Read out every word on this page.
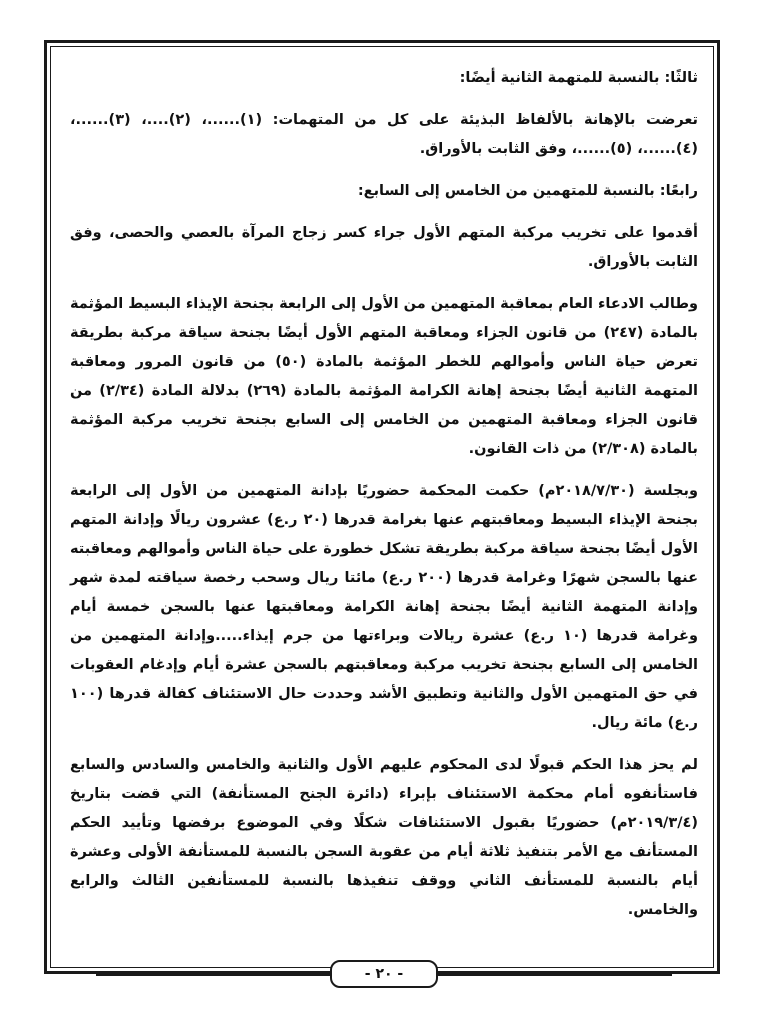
ثالثًا: بالنسبة للمتهمة الثانية أيضًا:

تعرضت بالإهانة بالألفاظ البذيئة على كل من المتهمات: (١)......، (٢)....، (٣)......، (٤)......، (٥)......، وفق الثابت بالأوراق.

رابعًا: بالنسبة للمتهمين من الخامس إلى السابع:

أقدموا على تخريب مركبة المتهم الأول جراء كسر زجاج المرآة بالعصي والحصى، وفق الثابت بالأوراق.

وطالب الادعاء العام بمعاقبة المتهمين من الأول إلى الرابعة بجنحة الإيذاء البسيط المؤثمة بالمادة (٢٤٧) من قانون الجزاء ومعاقبة المتهم الأول أيضًا بجنحة سياقة مركبة بطريقة تعرض حياة الناس وأموالهم للخطر المؤثمة بالمادة (٥٠) من قانون المرور ومعاقبة المتهمة الثانية أيضًا بجنحة إهانة الكرامة المؤثمة بالمادة (٢٦٩) بدلالة المادة (٢/٣٤) من قانون الجزاء ومعاقبة المتهمين من الخامس إلى السابع بجنحة تخريب مركبة المؤثمة بالمادة (٢/٣٠٨) من ذات القانون.

وبجلسة (٢٠١٨/٧/٣٠م) حكمت المحكمة حضوريًا بإدانة المتهمين من الأول إلى الرابعة بجنحة الإيذاء البسيط ومعاقبتهم عنها بغرامة قدرها (٢٠ ر.ع) عشرون ريالًا وإدانة المتهم الأول أيضًا بجنحة سياقة مركبة بطريقة تشكل خطورة على حياة الناس وأموالهم ومعاقبته عنها بالسجن شهرًا وغرامة قدرها (٢٠٠ ر.ع) مائتا ريال وسحب رخصة سياقته لمدة شهر وإدانة المتهمة الثانية أيضًا بجنحة إهانة الكرامة ومعاقبتها عنها بالسجن خمسة أيام وغرامة قدرها (١٠ ر.ع) عشرة ريالات وبراءتها من جرم إيذاء.....وإدانة المتهمين من الخامس إلى السابع بجنحة تخريب مركبة ومعاقبتهم بالسجن عشرة أيام وإدغام العقوبات في حق المتهمين الأول والثانية وتطبيق الأشد وحددت حال الاستئناف كفالة قدرها (١٠٠ ر.ع) مائة ريال.

لم يحز هذا الحكم قبولًا لدى المحكوم عليهم الأول والثانية والخامس والسادس والسابع فاستأنفوه أمام محكمة الاستئناف بإبراء (دائرة الجنح المستأنفة) التي قضت بتاريخ (٢٠١٩/٣/٤م) حضوريًا بقبول الاستئنافات شكلًا وفي الموضوع برفضها وتأييد الحكم المستأنف مع الأمر بتنفيذ ثلاثة أيام من عقوبة السجن بالنسبة للمستأنفة الأولى وعشرة أيام بالنسبة للمستأنف الثاني ووقف تنفيذها بالنسبة للمستأنفين الثالث والرابع والخامس.

- ٢٠ -
